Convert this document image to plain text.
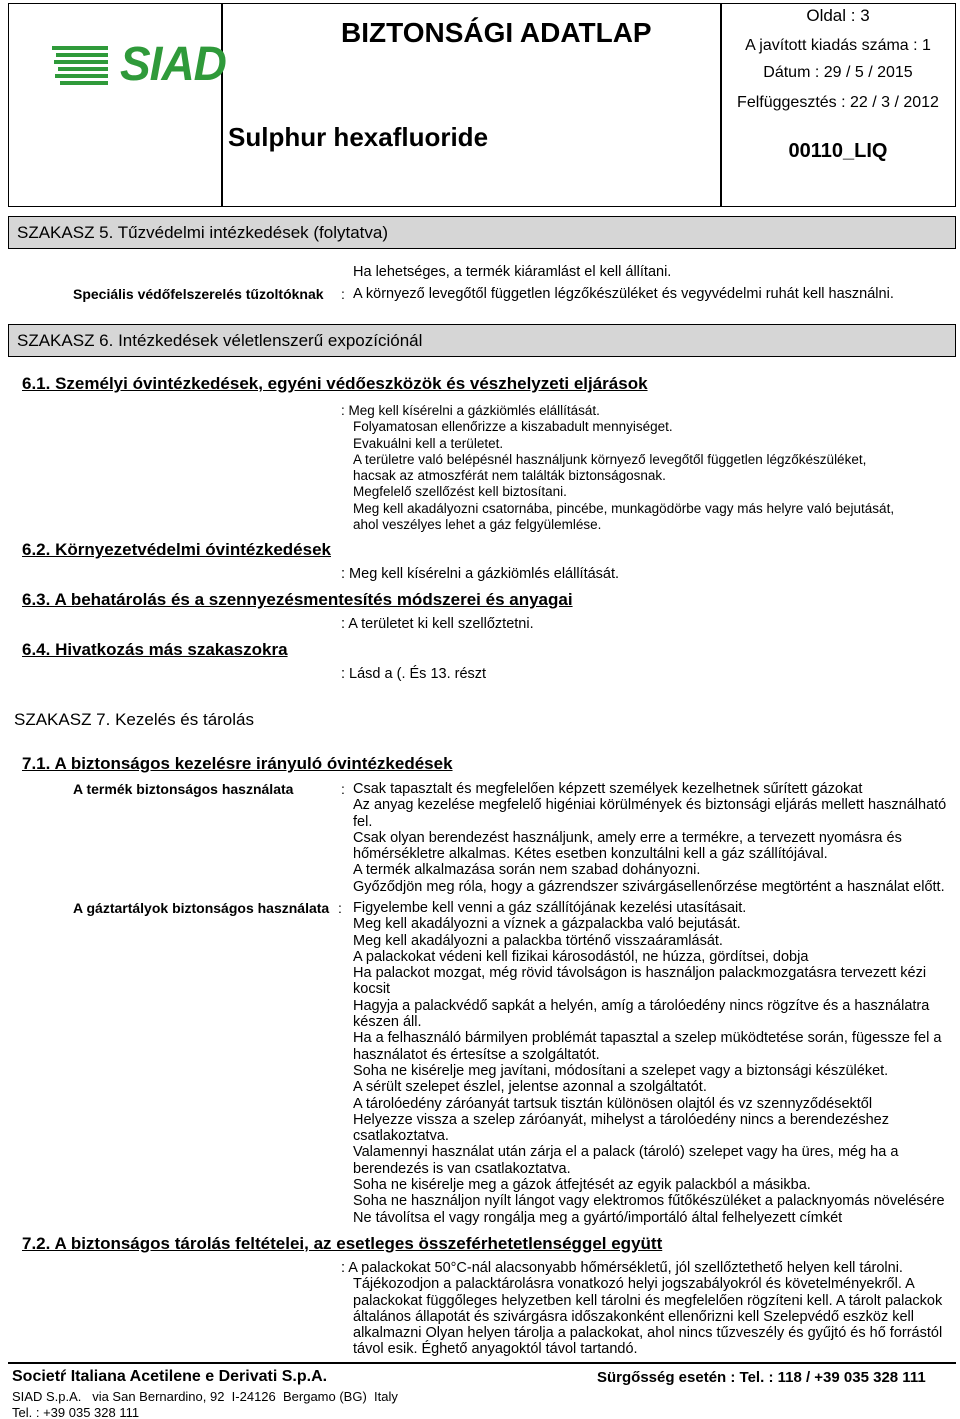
SIAD
BIZTONSÁGI ADATLAP
Sulphur hexafluoride
Oldal : 3
A javított kiadás száma : 1
Dátum : 29 / 5 / 2015
Felfüggesztés : 22 / 3 / 2012
00110_LIQ
SZAKASZ 5. Tűzvédelmi intézkedések (folytatva)
Ha lehetséges, a termék kiáramlást el kell állítani.
Speciális védőfelszerelés tűzoltóknak : A környező levegőtől független légzőkészüléket és vegyvédelmi ruhát kell használni.
SZAKASZ 6. Intézkedések véletlenszerű expozíciónál
6.1. Személyi óvintézkedések, egyéni védőeszközök és vészhelyzeti eljárások
: Meg kell kísérelni a gázkiömlés elállítását.
Folyamatosan ellenőrizze a kiszabadult mennyiséget.
Evakuálni kell a területet.
A területre való belépésnél használjunk környező levegőtől független légzőkészüléket,
hacsak az atmoszférát nem találták biztonságosnak.
Megfelelő szellőzést kell biztosítani.
Meg kell akadályozni csatornába, pincébe, munkagödörbe vagy más helyre való bejutását,
ahol veszélyes lehet a gáz felgyülemlése.
6.2. Környezetvédelmi óvintézkedések
: Meg kell kísérelni a gázkiömlés elállítását.
6.3. A behatárolás és a szennyezésmentesítés módszerei és anyagai
: A területet ki kell szellőztetni.
6.4. Hivatkozás más szakaszokra
: Lásd a (. És 13. részt
SZAKASZ 7. Kezelés és tárolás
7.1. A biztonságos kezelésre irányuló óvintézkedések
A termék biztonságos használata	: Csak tapasztalt és megfelelően képzett személyek kezelhetnek sűrített gázokat
Az anyag kezelése megfelelő higéniai körülmények és biztonsági eljárás mellett használható
fel.
Csak olyan berendezést használjunk, amely erre a termékre, a tervezett nyomásra és
hőmérsékletre alkalmas. Kétes esetben konzultálni kell a gáz szállítójával.
A termék alkalmazása során nem szabad dohányozni.
Győződjön meg róla, hogy a gázrendszer szivárgásellenőrzése megtörtént a használat előtt.
A gáztartályok biztonságos használata : Figyelembe kell venni a gáz szállítójának kezelési utasításait.
Meg kell akadályozni a víznek a gázpalackba való bejutását.
Meg kell akadályozni a palackba történő visszaáramlását.
A palackokat védeni kell fizikai károsodástól, ne húzza, gördítsei, dobja
Ha palackot mozgat, még rövid távolságon is használjon palackmozgatásra tervezett kézi
kocsit
Hagyja a palackvédő sapkát a helyén, amíg a tárolóedény nincs rögzítve és a használatra
készen áll.
Ha a felhasználó bármilyen problémát tapasztal a szelep müködtetése során, fügessze fel a
használatot és értesítse a szolgáltatót.
Soha ne kisérelje meg javítani, módosítani a szelepet vagy a biztonsági készüléket.
A sérült szelepet észlel, jelentse azonnal a szolgáltatót.
A tárolóedény záróanyát tartsuk tisztán különösen olajtól és vz szennyződésektől
Helyezze vissza a szelep záróanyát, mihelyst a tárolóedény nincs a berendezéshez
csatlakoztatva.
Valamennyi használat után zárja el a palack (tároló) szelepet vagy ha üres, még ha a
berendezés is van csatlakoztatva.
Soha ne kisérelje meg a gázok átfejtését az egyik palackból a másikba.
Soha ne használjon nyílt lángot vagy elektromos fűtőkészüléket a palacknyomás növelésére
Ne távolítsa el vagy rongálja meg a gyártó/importáló által felhelyezett címkét
7.2. A biztonságos tárolás feltételei, az esetleges összeférhetetlenséggel együtt
: A palackokat 50°C-nál alacsonyabb hőmérsékletű, jól szellőztethető helyen kell tárolni.
Tájékozodjon a palacktárolásra vonatkozó helyi jogszabályokról és követelményekről. A
palackokat függőleges helyzetben kell tárolni és megfelelően rögzíteni kell. A tárolt palackok
általános állapotát és szivárgásra időszakonként ellenőrizni kell Szelepvédő eszköz kell
alkalmazni Olyan helyen tárolja a palackokat, ahol nincs tűzveszély és gyűjtó és hő forrástól
távol esik. Éghető anyagoktól távol tartandó.
Societŕ Italiana Acetilene e Derivati S.p.A.
SIAD S.p.A.   via San Bernardino, 92  I-24126  Bergamo (BG)  Italy
Tel. : +39 035 328 111
Sürgősség esetén : Tel. : 118 / +39 035 328 111
